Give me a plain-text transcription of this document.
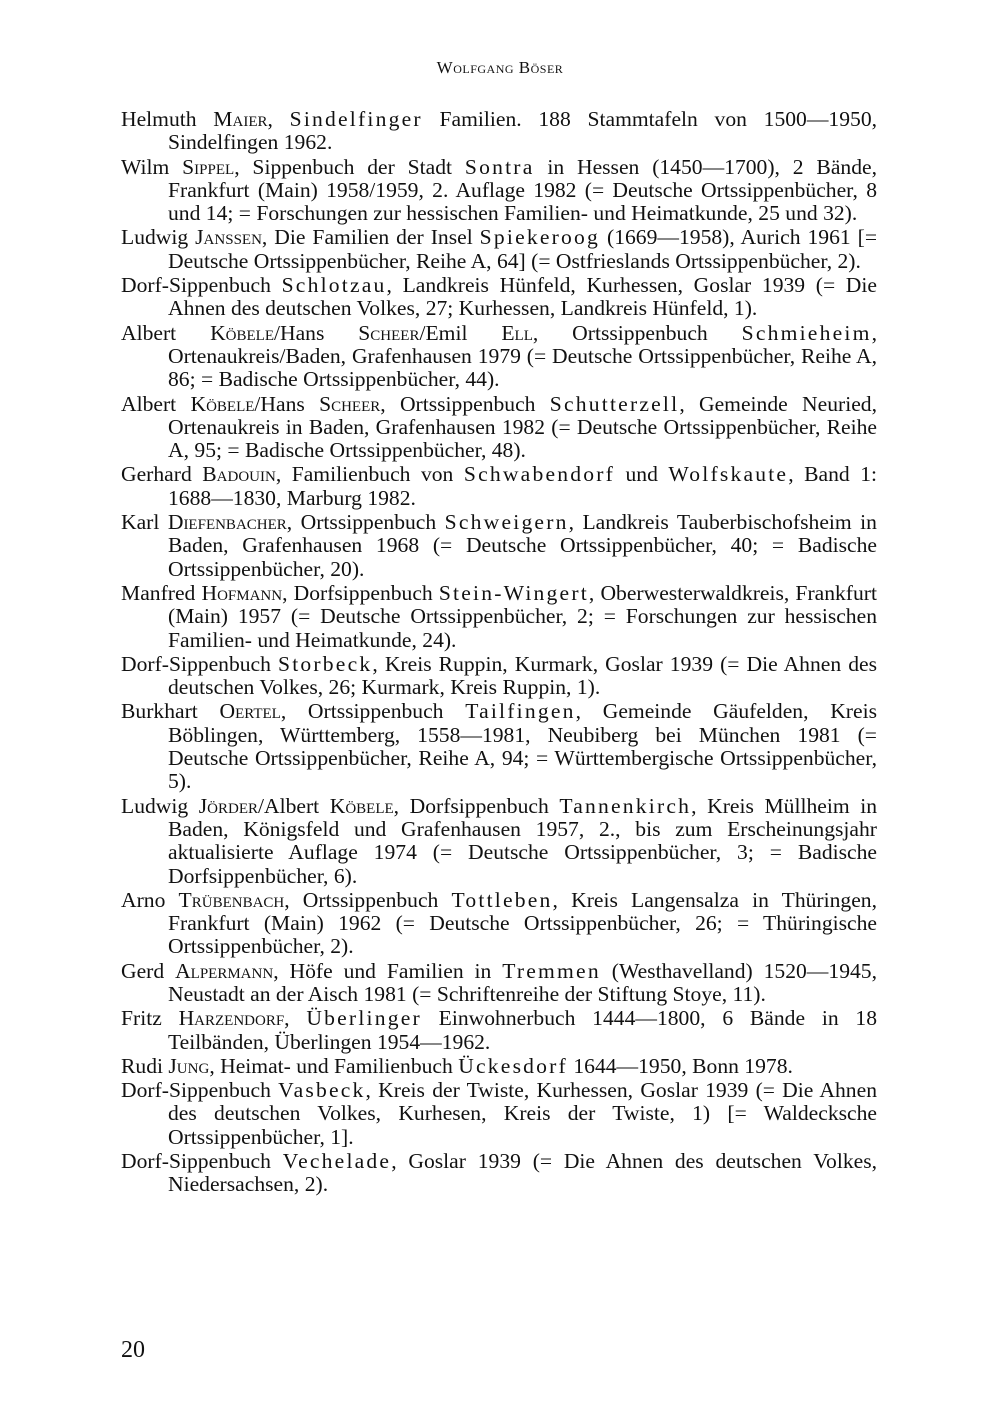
Wolfgang Böser

Helmuth Maier, Sindelfinger Familien. 188 Stammtafeln von 1500—1950, Sindelfingen 1962.

Wilm Sippel, Sippenbuch der Stadt Sontra in Hessen (1450—1700), 2 Bände, Frankfurt (Main) 1958/1959, 2. Auflage 1982 (= Deutsche Ortssippenbücher, 8 und 14; = Forschungen zur hessischen Familien- und Heimatkunde, 25 und 32).

Ludwig Janssen, Die Familien der Insel Spiekeroog (1669—1958), Aurich 1961 [= Deutsche Ortssippenbücher, Reihe A, 64] (= Ostfrieslands Ortssippenbücher, 2).

Dorf-Sippenbuch Schlotzau, Landkreis Hünfeld, Kurhessen, Goslar 1939 (= Die Ahnen des deutschen Volkes, 27; Kurhessen, Landkreis Hünfeld, 1).

Albert Köbele/Hans Scheer/Emil Ell, Ortssippenbuch Schmieheim, Ortenaukreis/Baden, Grafenhausen 1979 (= Deutsche Ortssippenbücher, Reihe A, 86; = Badische Ortssippenbücher, 44).

Albert Köbele/Hans Scheer, Ortssippenbuch Schutterzell, Gemeinde Neuried, Ortenaukreis in Baden, Grafenhausen 1982 (= Deutsche Ortssippenbücher, Reihe A, 95; = Badische Ortssippenbücher, 48).

Gerhard Badouin, Familienbuch von Schwabendorf und Wolfskaute, Band 1: 1688—1830, Marburg 1982.

Karl Diefenbacher, Ortssippenbuch Schweigern, Landkreis Tauberbischofsheim in Baden, Grafenhausen 1968 (= Deutsche Ortssippenbücher, 40; = Badische Ortssippenbücher, 20).

Manfred Hofmann, Dorfsippenbuch Stein-Wingert, Oberwesterwaldkreis, Frankfurt (Main) 1957 (= Deutsche Ortssippenbücher, 2; = Forschungen zur hessischen Familien- und Heimatkunde, 24).

Dorf-Sippenbuch Storbeck, Kreis Ruppin, Kurmark, Goslar 1939 (= Die Ahnen des deutschen Volkes, 26; Kurmark, Kreis Ruppin, 1).

Burkhart Oertel, Ortssippenbuch Tailfingen, Gemeinde Gäufelden, Kreis Böblingen, Württemberg, 1558—1981, Neubiberg bei München 1981 (= Deutsche Ortssippenbücher, Reihe A, 94; = Württembergische Ortssippenbücher, 5).

Ludwig Jörder/Albert Köbele, Dorfsippenbuch Tannenkirch, Kreis Müllheim in Baden, Königsfeld und Grafenhausen 1957, 2., bis zum Erscheinungsjahr aktualisierte Auflage 1974 (= Deutsche Ortssippenbücher, 3; = Badische Dorfsippenbücher, 6).

Arno Trübenbach, Ortssippenbuch Tottleben, Kreis Langensalza in Thüringen, Frankfurt (Main) 1962 (= Deutsche Ortssippenbücher, 26; = Thüringische Ortssippenbücher, 2).

Gerd Alpermann, Höfe und Familien in Tremmen (Westhavelland) 1520—1945, Neustadt an der Aisch 1981 (= Schriftenreihe der Stiftung Stoye, 11).

Fritz Harzendorf, Überlinger Einwohnerbuch 1444—1800, 6 Bände in 18 Teilbänden, Überlingen 1954—1962.

Rudi Jung, Heimat- und Familienbuch Ückesdorf 1644—1950, Bonn 1978.

Dorf-Sippenbuch Vasbeck, Kreis der Twiste, Kurhessen, Goslar 1939 (= Die Ahnen des deutschen Volkes, Kurhesen, Kreis der Twiste, 1) [= Waldecksche Ortssippenbücher, 1].

Dorf-Sippenbuch Vechelade, Goslar 1939 (= Die Ahnen des deutschen Volkes, Niedersachsen, 2).

20
